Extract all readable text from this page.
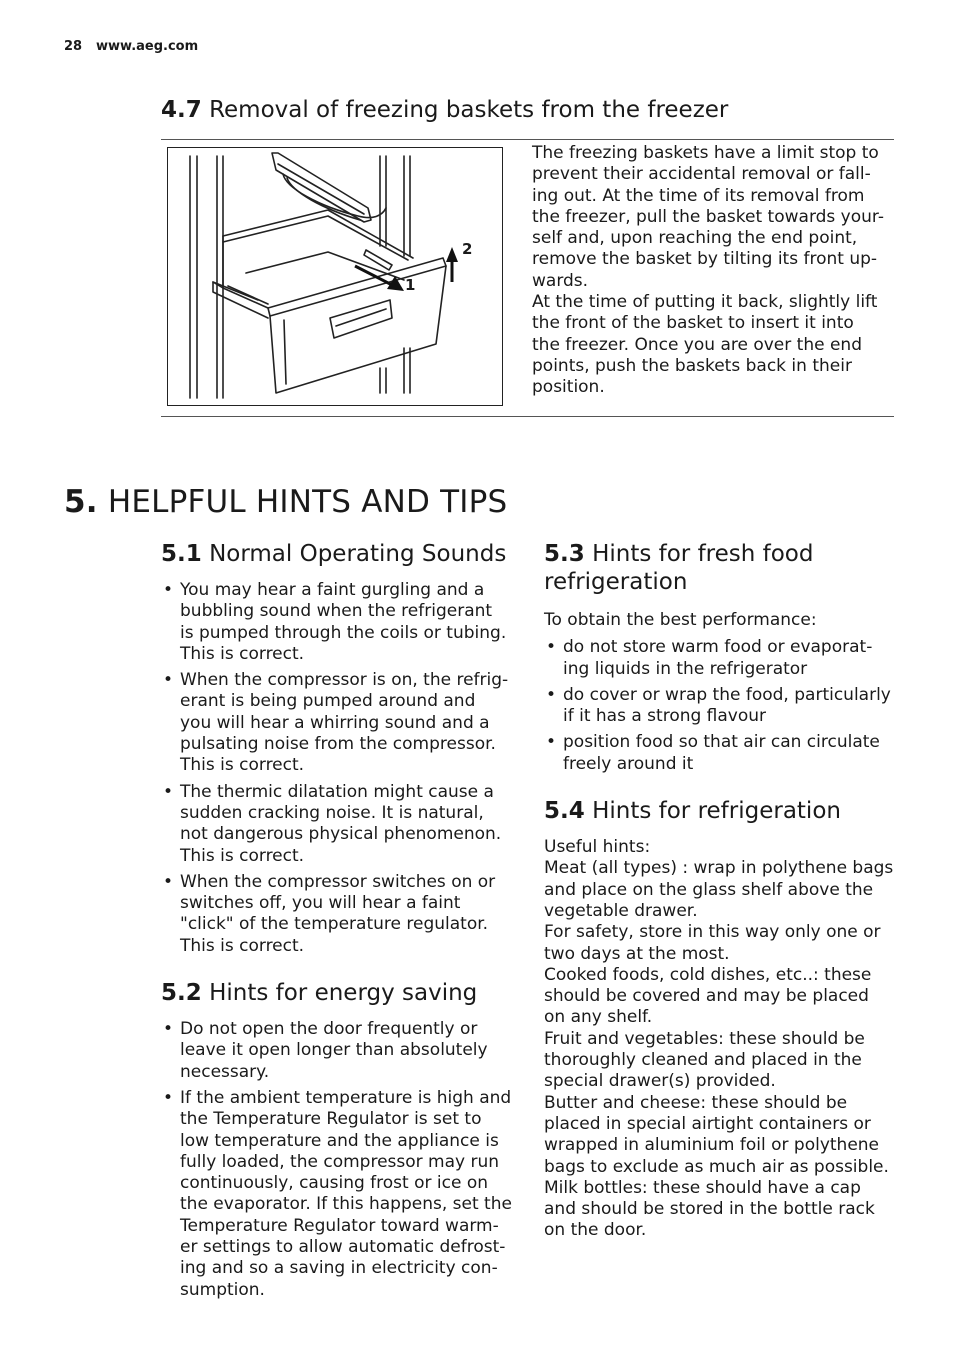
28 www.aeg.com
4.7 Removal of freezing baskets from the freezer
1
2

The freezing baskets have a limit stop to
prevent their accidental removal or fall-
ing out. At the time of its removal from
the freezer, pull the basket towards your-
self and, upon reaching the end point,
remove the basket by tilting its front up-
wards.

At the time of putting it back, slightly lift
the front of the basket to insert it into
the freezer. Once you are over the end
points, push the baskets back in their
position.

5. HELPFUL HINTS AND TIPS
5.1 Normal Operating Sounds
• You may hear a faint gurgling and a
bubbling sound when the refrigerant
is pumped through the coils or tubing.
This is correct.
• When the compressor is on, the refrig-
erant is being pumped around and
you will hear a whirring sound and a
pulsating noise from the compressor.
This is correct.
• The thermic dilatation might cause a
sudden cracking noise. It is natural,
not dangerous physical phenomenon.
This is correct.
• When the compressor switches on or
switches off, you will hear a faint
"click" of the temperature regulator.
This is correct.
5.2 Hints for energy saving
• Do not open the door frequently or
leave it open longer than absolutely
necessary.
• If the ambient temperature is high and
the Temperature Regulator is set to
low temperature and the appliance is
fully loaded, the compressor may run
continuously, causing frost or ice on
the evaporator. If this happens, set the
Temperature Regulator toward warm-
er settings to allow automatic defrost-
ing and so a saving in electricity con-
sumption.
5.3 Hints for fresh food
refrigeration

To obtain the best performance:

• do not store warm food or evaporat-
ing liquids in the refrigerator
• do cover or wrap the food, particularly
if it has a strong flavour
• position food so that air can circulate
freely around it
5.4 Hints for refrigeration

Useful hints:
Meat (all types) : wrap in polythene bags
and place on the glass shelf above the
vegetable drawer.
For safety, store in this way only one or
two days at the most.
Cooked foods, cold dishes, etc..: these
should be covered and may be placed
on any shelf.
Fruit and vegetables: these should be
thoroughly cleaned and placed in the
special drawer(s) provided.
Butter and cheese: these should be
placed in special airtight containers or
wrapped in aluminium foil or polythene
bags to exclude as much air as possible.
Milk bottles: these should have a cap
and should be stored in the bottle rack
on the door.
